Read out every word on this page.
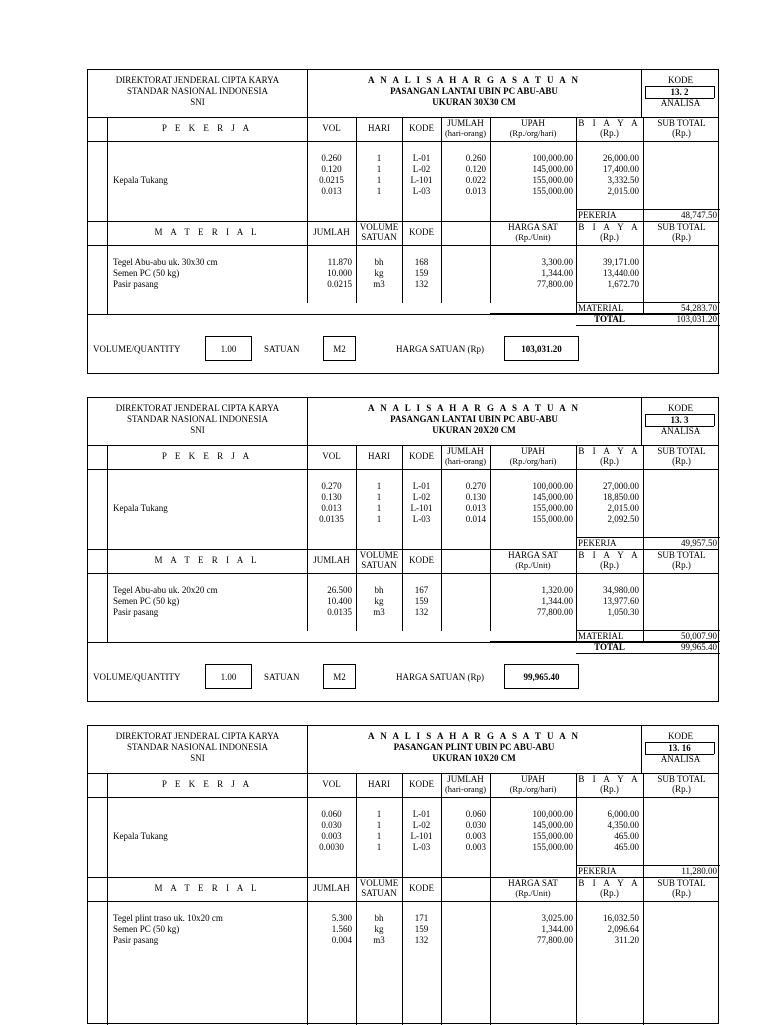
DIREKTORAT JENDERAL CIPTA KARYA
STANDAR NASIONAL INDONESIA
SNI
A N A L I S A H A R G A S A T U A N
PASANGAN LANTAI UBIN PC ABU-ABU
UKURAN 30X30 CM
KODE
13. 2
ANALISA
P E K E R J A	VOL	HARI	KODE	JUMLAH
(hari-orang)
UPAH
(Rp./org/hari)
B I A Y A
(Rp.)
SUB TOTAL
(Rp.)
Kepala Tukang
0.260	1	L-01	0.260	100,000.00	26,000.00
0.120	1	L-02	0.120	145,000.00	17,400.00
0.0215	1	L-101	0.022	155,000.00	3,332.50
0.013	1	L-03	0.013	155,000.00	2,015.00
PEKERJA	48,747.50
M A T E R I A L	JUMLAH	VOLUME
SATUAN	KODE	HARGA SAT
(Rp./Unit)
B I A Y A
(Rp.)
SUB TOTAL
(Rp.)
Tegel Abu-abu uk. 30x30 cm	11.870	bh	168	3,300.00	39,171.00
Semen PC (50 kg)	10.000	kg	159	1,344.00	13,440.00
Pasir pasang	0.0215	m3	132	77,800.00	1,672.70
MATERIAL	54,283.70
TOTAL	103,031.20
VOLUME/QUANTITY	1.00	SATUAN	M2	HARGA SATUAN (Rp)	103,031.20
DIREKTORAT JENDERAL CIPTA KARYA
STANDAR NASIONAL INDONESIA
SNI
A N A L I S A H A R G A S A T U A N
PASANGAN LANTAI UBIN PC ABU-ABU
UKURAN 20X20 CM
KODE
13. 3
ANALISA
P E K E R J A	VOL	HARI	KODE	JUMLAH
(hari-orang)
UPAH
(Rp./org/hari)
B I A Y A
(Rp.)
SUB TOTAL
(Rp.)
Kepala Tukang
0.270	1	L-01	0.270	100,000.00	27,000.00
0.130	1	L-02	0.130	145,000.00	18,850.00
0.013	1	L-101	0.013	155,000.00	2,015.00
0.0135	1	L-03	0.014	155,000.00	2,092.50
PEKERJA	49,957.50
M A T E R I A L	JUMLAH	VOLUME
SATUAN	KODE	HARGA SAT
(Rp./Unit)
B I A Y A
(Rp.)
SUB TOTAL
(Rp.)
Tegel Abu-abu uk. 20x20 cm	26.500	bh	167	1,320.00	34,980.00
Semen PC (50 kg)	10.400	kg	159	1,344.00	13,977.60
Pasir pasang	0.0135	m3	132	77,800.00	1,050.30
MATERIAL	50,007.90
TOTAL	99,965.40
VOLUME/QUANTITY	1.00	SATUAN	M2	HARGA SATUAN (Rp)	99,965.40
DIREKTORAT JENDERAL CIPTA KARYA
STANDAR NASIONAL INDONESIA
SNI
A N A L I S A H A R G A S A T U A N
PASANGAN PLINT UBIN PC ABU-ABU
UKURAN 10X20 CM
KODE
13. 16
ANALISA
P E K E R J A	VOL	HARI	KODE	JUMLAH
(hari-orang)
UPAH
(Rp./org/hari)
B I A Y A
(Rp.)
SUB TOTAL
(Rp.)
Kepala Tukang
0.060	1	L-01	0.060	100,000.00	6,000.00
0.030	1	L-02	0.030	145,000.00	4,350.00
0.003	1	L-101	0.003	155,000.00	465.00
0.0030	1	L-03	0.003	155,000.00	465.00
PEKERJA	11,280.00
M A T E R I A L	JUMLAH	VOLUME
SATUAN	KODE	HARGA SAT
(Rp./Unit)
B I A Y A
(Rp.)
SUB TOTAL
(Rp.)
Tegel plint traso uk. 10x20 cm	5.300	bh	171	3,025.00	16,032.50
Semen PC (50 kg)	1.560	kg	159	1,344.00	2,096.64
Pasir pasang	0.004	m3	132	77,800.00	311.20
